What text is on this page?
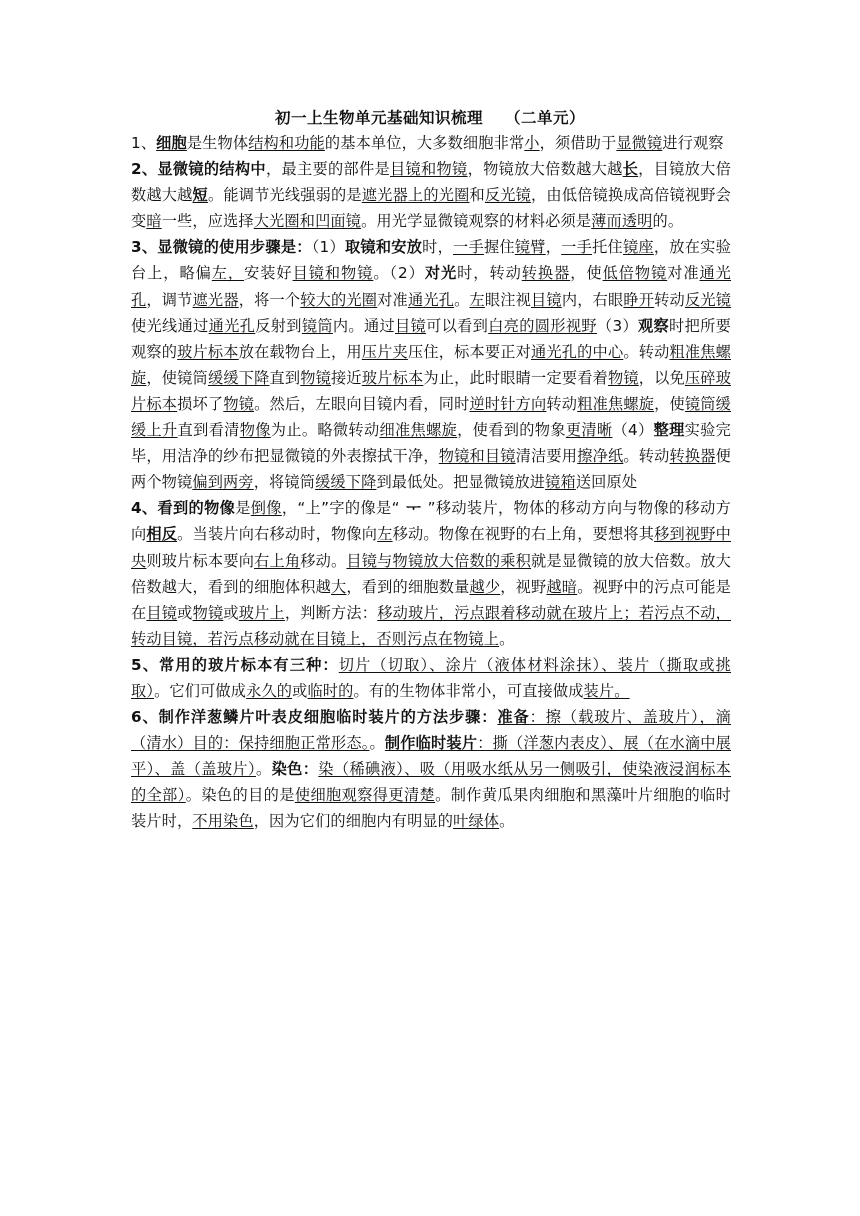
初一上生物单元基础知识梳理 （二单元）

1、细胞是生物体结构和功能的基本单位，大多数细胞非常小，须借助于显微镜进行观察

2、显微镜的结构中，最主要的部件是目镜和物镜，物镜放大倍数越大越长，目镜放大倍数越大越短。能调节光线强弱的是遮光器上的光圈和反光镜，由低倍镜换成高倍镜视野会变暗一些，应选择大光圈和凹面镜。用光学显微镜观察的材料必须是薄而透明的。

3、显微镜的使用步骤是：（1）取镜和安放时，一手握住镜臂，一手托住镜座，放在实验台上，略偏左，安装好目镜和物镜。（2）对光时，转动转换器，使低倍物镜对准通光孔，调节遮光器，将一个较大的光圈对准通光孔。左眼注视目镜内，右眼睁开转动反光镜使光线通过通光孔反射到镜筒内。通过目镜可以看到白亮的圆形视野（3）观察时把所要观察的玻片标本放在载物台上，用压片夹压住，标本要正对通光孔的中心。转动粗准焦螺旋，使镜筒缓缓下降直到物镜接近玻片标本为止，此时眼睛一定要看着物镜，以免压碎玻片标本损坏了物镜。然后，左眼向目镜内看，同时逆时针方向转动粗准焦螺旋，使镜筒缓缓上升直到看清物像为止。略微转动细准焦螺旋，使看到的物象更清晰（4）整理实验完毕，用洁净的纱布把显微镜的外表擦拭干净，物镜和目镜清洁要用擦净纸。转动转换器便两个物镜偏到两旁，将镜筒缓缓下降到最低处。把显微镜放进镜箱送回原处

4、看到的物像是倒像，“上”字的像是“ ᅮ ”移动装片，物体的移动方向与物像的移动方向相反。当装片向右移动时，物像向左移动。物像在视野的右上角，要想将其移到视野中央则玻片标本要向右上角移动。目镜与物镜放大倍数的乘积就是显微镜的放大倍数。放大倍数越大，看到的细胞体积越大，看到的细胞数量越少，视野越暗。视野中的污点可能是在目镜或物镜或玻片上，判断方法：移动玻片，污点跟着移动就在玻片上；若污点不动，转动目镜，若污点移动就在目镜上，否则污点在物镜上。

5、常用的玻片标本有三种：切片（切取）、涂片（液体材料涂抹）、装片（撕取或挑取）。它们可做成永久的或临时的。有的生物体非常小，可直接做成装片。

6、制作洋葱鳞片叶表皮细胞临时装片的方法步骤：准备：擦（载玻片、盖玻片），滴（清水）目的：保持细胞正常形态。。制作临时装片：撕（洋葱内表皮）、展（在水滴中展平）、盖（盖玻片）。染色：染（稀碘液）、吸（用吸水纸从另一侧吸引，使染液浸润标本的全部）。染色的目的是使细胞观察得更清楚。制作黄瓜果肉细胞和黑藻叶片细胞的临时装片时，不用染色，因为它们的细胞内有明显的叶绿体。
